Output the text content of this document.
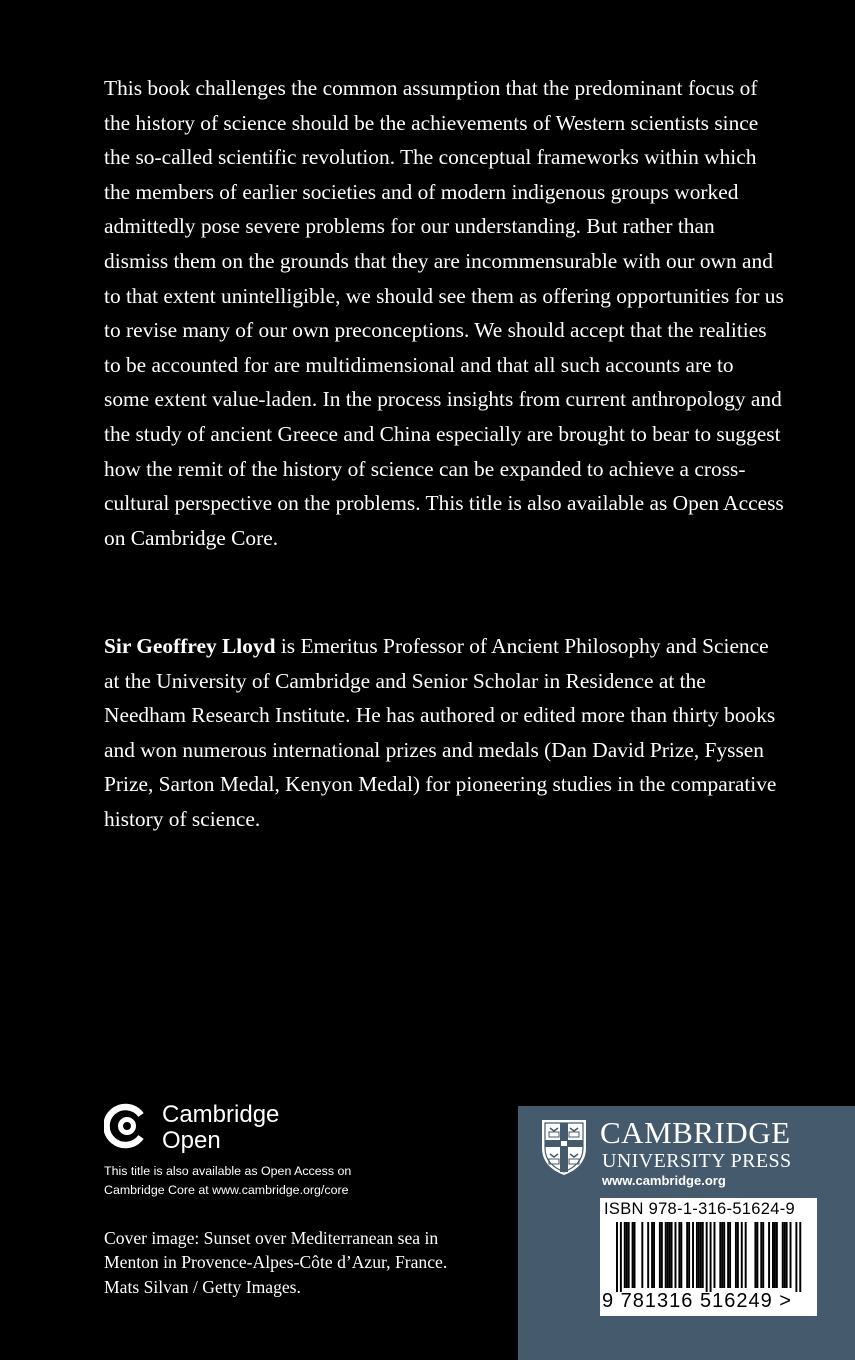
This book challenges the common assumption that the predominant focus of the history of science should be the achievements of Western scientists since the so-called scientific revolution. The conceptual frameworks within which the members of earlier societies and of modern indigenous groups worked admittedly pose severe problems for our understanding. But rather than dismiss them on the grounds that they are incommensurable with our own and to that extent unintelligible, we should see them as offering opportunities for us to revise many of our own preconceptions. We should accept that the realities to be accounted for are multidimensional and that all such accounts are to some extent value-laden. In the process insights from current anthropology and the study of ancient Greece and China especially are brought to bear to suggest how the remit of the history of science can be expanded to achieve a cross-cultural perspective on the problems. This title is also available as Open Access on Cambridge Core.

Sir Geoffrey Lloyd is Emeritus Professor of Ancient Philosophy and Science at the University of Cambridge and Senior Scholar in Residence at the Needham Research Institute. He has authored or edited more than thirty books and won numerous international prizes and medals (Dan David Prize, Fyssen Prize, Sarton Medal, Kenyon Medal) for pioneering studies in the comparative history of science.

Cambridge
Open

This title is also available as Open Access on Cambridge Core at www.cambridge.org/core

Cover image: Sunset over Mediterranean sea in Menton in Provence-Alpes-Côte d’Azur, France. Mats Silvan / Getty Images.

CAMBRIDGE
UNIVERSITY PRESS
www.cambridge.org
ISBN 978-1-316-51624-9
9 781316 516249 >
